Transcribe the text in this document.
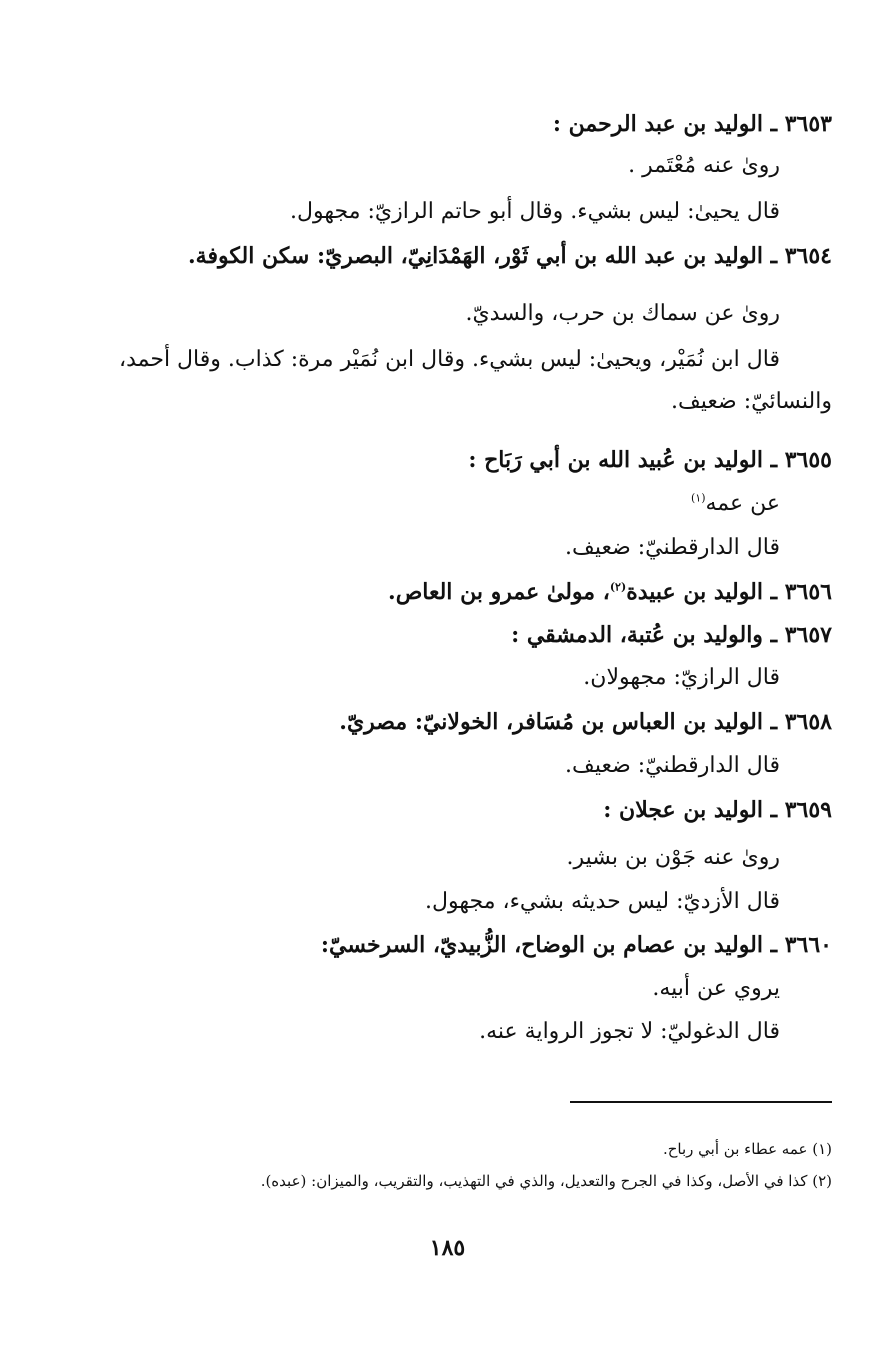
٣٦٥٣ ـ الوليد بن عبد الرحمن :
رویٰ عنه مُعْتَمر .
قال يحيىٰ: ليس بشيء. وقال أبو حاتم الرازيّ: مجهول.
٣٦٥٤ ـ الوليد بن عبد الله بن أبي ثَوْر، الهَمْدَانِيّ، البصريّ: سكن الكوفة.
رویٰ عن سماك بن حرب، والسديّ.
قال ابن نُمَيْر، ويحيىٰ: ليس بشيء. وقال ابن نُمَيْر مرة: كذاب. وقال أحمد،
والنسائيّ: ضعيف.
٣٦٥٥ ـ الوليد بن عُبيد الله بن أبي رَبَاح :
عن عمه$^{(١)}$
قال الدارقطنيّ: ضعيف.
٣٦٥٦ ـ الوليد بن عبيدة$^{(٢)}$، مولىٰ عمرو بن العاص.
٣٦٥٧ ـ والوليد بن عُتبة، الدمشقي :
قال الرازيّ: مجهولان.
٣٦٥٨ ـ الوليد بن العباس بن مُسَافر، الخولانيّ: مصريّ.
قال الدارقطنيّ: ضعيف.
٣٦٥٩ ـ الوليد بن عجلان :
رویٰ عنه جَوْن بن بشير.
قال الأزديّ: ليس حديثه بشيء، مجهول.
٣٦٦٠ ـ الوليد بن عصام بن الوضاح، الزُّبيديّ، السرخسيّ:
يروي عن أبيه.
قال الدغوليّ: لا تجوز الرواية عنه.
(١) عمه عطاء بن أبي رباح.
(٢) كذا في الأصل، وكذا في الجرح والتعديل، والذي في التهذيب، والتقريب، والميزان: (عبده).
١٨٥
